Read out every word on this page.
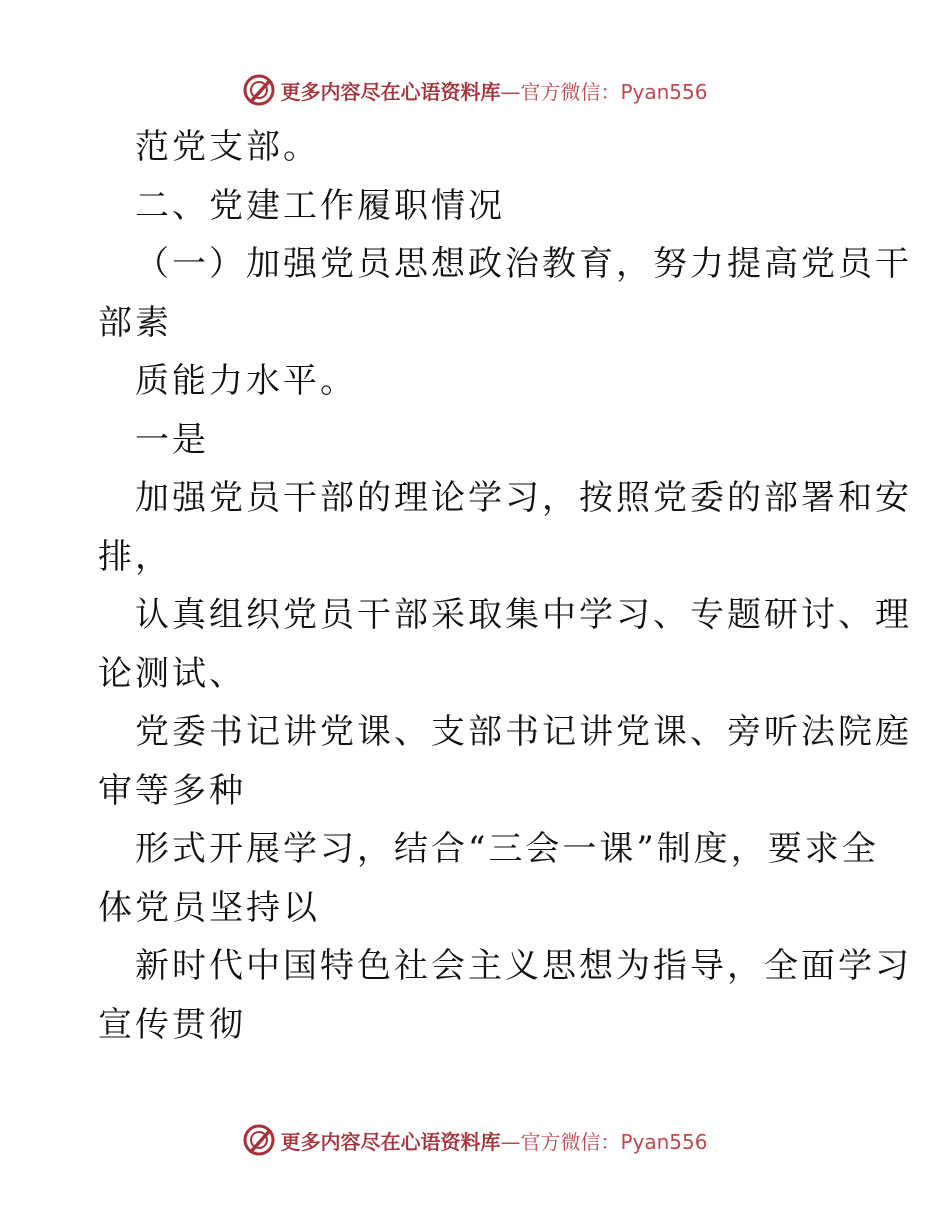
更多内容尽在心语资料库 —官方微信：Pyan556
范党支部。
二、党建工作履职情况
（一）加强党员思想政治教育，努力提高党员干
部素
质能力水平。
一是
加强党员干部的理论学习，按照党委的部署和安
排，
认真组织党员干部采取集中学习、专题研讨、理
论测试、
党委书记讲党课、支部书记讲党课、旁听法院庭
审等多种
形式开展学习，结合“三会一课”制度，要求全
体党员坚持以
新时代中国特色社会主义思想为指导，全面学习
宣传贯彻
更多内容尽在心语资料库 —官方微信：Pyan556
